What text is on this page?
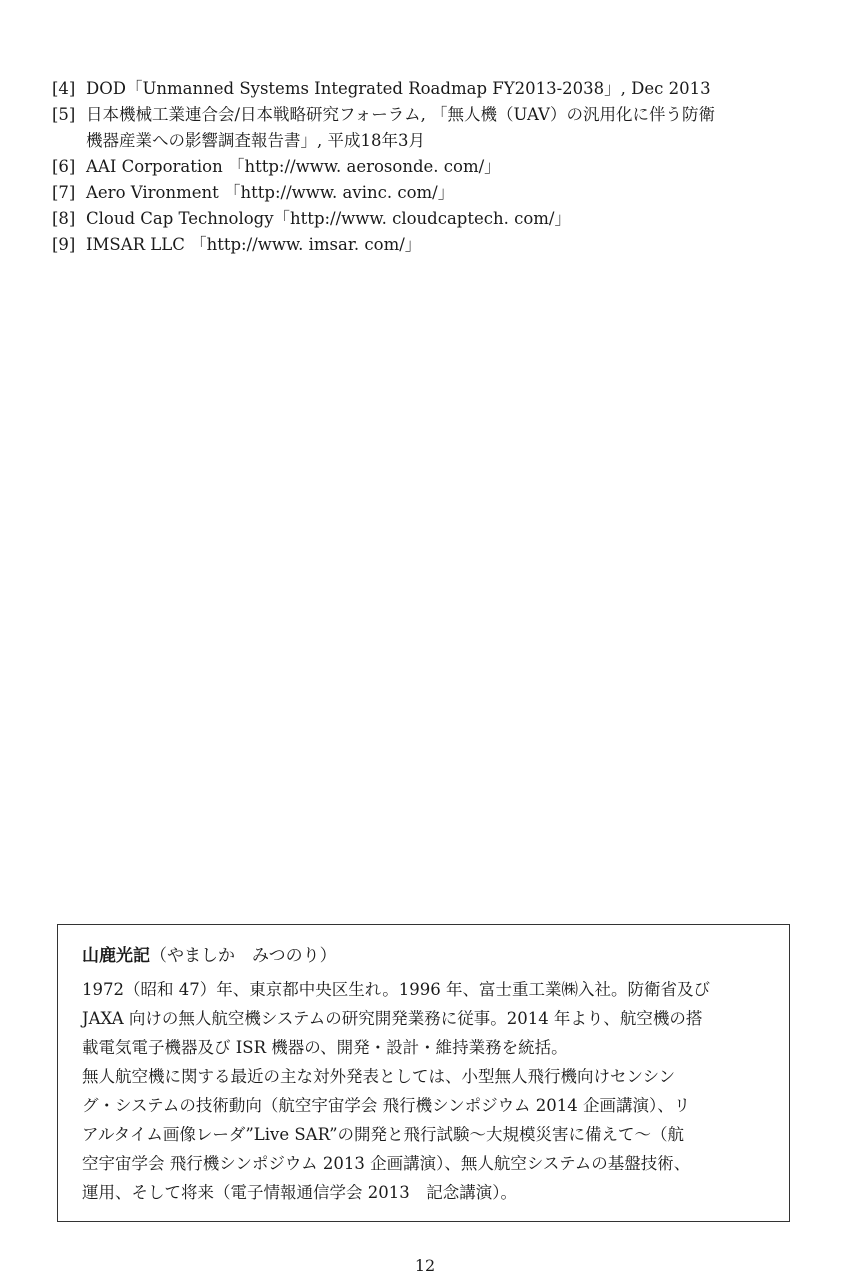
[4] DOD「Unmanned Systems Integrated Roadmap FY2013-2038」, Dec 2013
[5] 日本機械工業連合会/日本戦略研究フォーラム, 「無人機（UAV）の汎用化に伴う防衛
機器産業への影響調査報告書」, 平成18年3月
[6] AAI Corporation 「http://www. aerosonde. com/」
[7] Aero Vironment 「http://www. avinc. com/」
[8] Cloud Cap Technology「http://www. cloudcaptech. com/」
[9] IMSAR LLC 「http://www. imsar. com/」
山鹿光記（やましか　みつのり）
1972（昭和 47）年、東京都中央区生れ。1996 年、富士重工業㈱入社。防衛省及び
JAXA 向けの無人航空機システムの研究開発業務に従事。2014 年より、航空機の搭
載電気電子機器及び ISR 機器の、開発・設計・維持業務を統括。
無人航空機に関する最近の主な対外発表としては、小型無人飛行機向けセンシン
グ・システムの技術動向（航空宇宙学会 飛行機シンポジウム 2014 企画講演）、リ
アルタイム画像レーダ”Live SAR”の開発と飛行試験～大規模災害に備えて～（航
空宇宙学会 飛行機シンポジウム 2013 企画講演）、無人航空システムの基盤技術、
運用、そして将来（電子情報通信学会 2013　記念講演）。
12
